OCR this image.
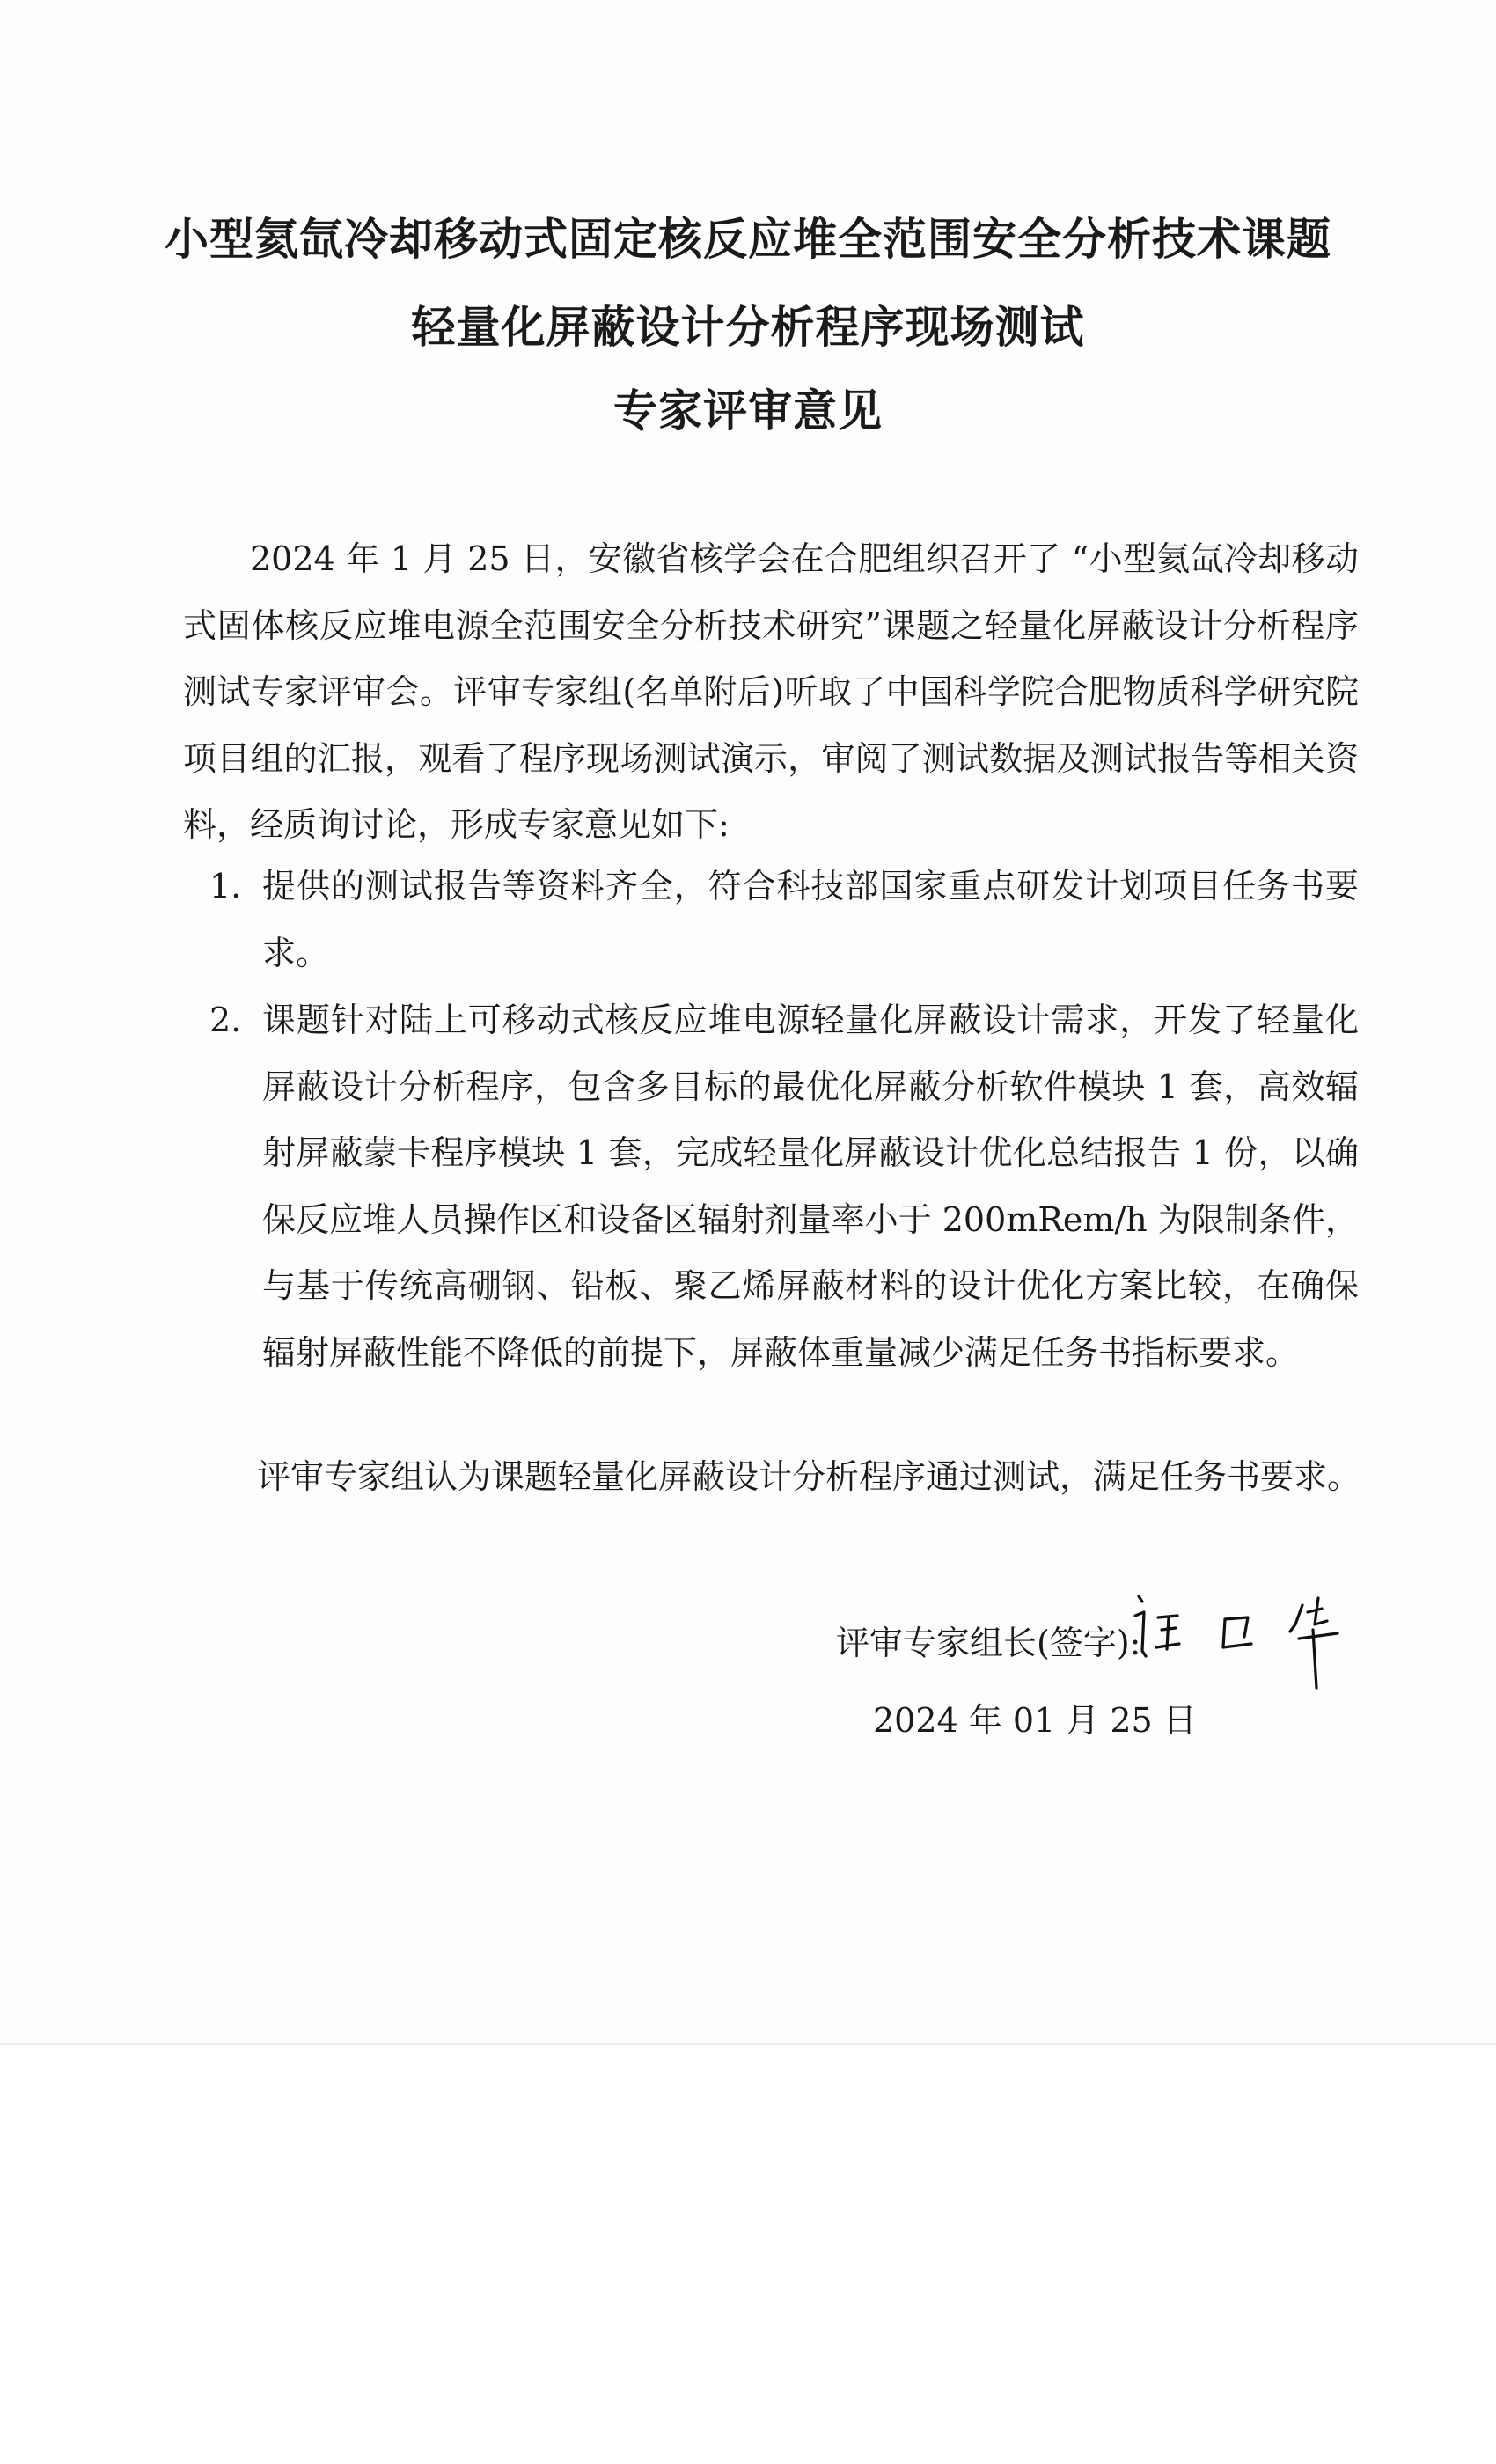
小型氦氙冷却移动式固定核反应堆全范围安全分析技术课题
轻量化屏蔽设计分析程序现场测试
专家评审意见
2024 年 1 月 25 日，安徽省核学会在合肥组织召开了 “小型氦氙冷却移动式固体核反应堆电源全范围安全分析技术研究”课题之轻量化屏蔽设计分析程序测试专家评审会。评审专家组(名单附后)听取了中国科学院合肥物质科学研究院项目组的汇报，观看了程序现场测试演示，审阅了测试数据及测试报告等相关资料，经质询讨论，形成专家意见如下:
1. 提供的测试报告等资料齐全，符合科技部国家重点研发计划项目任务书要求。
2. 课题针对陆上可移动式核反应堆电源轻量化屏蔽设计需求，开发了轻量化屏蔽设计分析程序，包含多目标的最优化屏蔽分析软件模块 1 套，高效辐射屏蔽蒙卡程序模块 1 套，完成轻量化屏蔽设计优化总结报告 1 份，以确保反应堆人员操作区和设备区辐射剂量率小于 200mRem/h 为限制条件，与基于传统高硼钢、铅板、聚乙烯屏蔽材料的设计优化方案比较，在确保辐射屏蔽性能不降低的前提下，屏蔽体重量减少满足任务书指标要求。
评审专家组认为课题轻量化屏蔽设计分析程序通过测试，满足任务书要求。
评审专家组长(签字):
2024 年 01 月 25 日
